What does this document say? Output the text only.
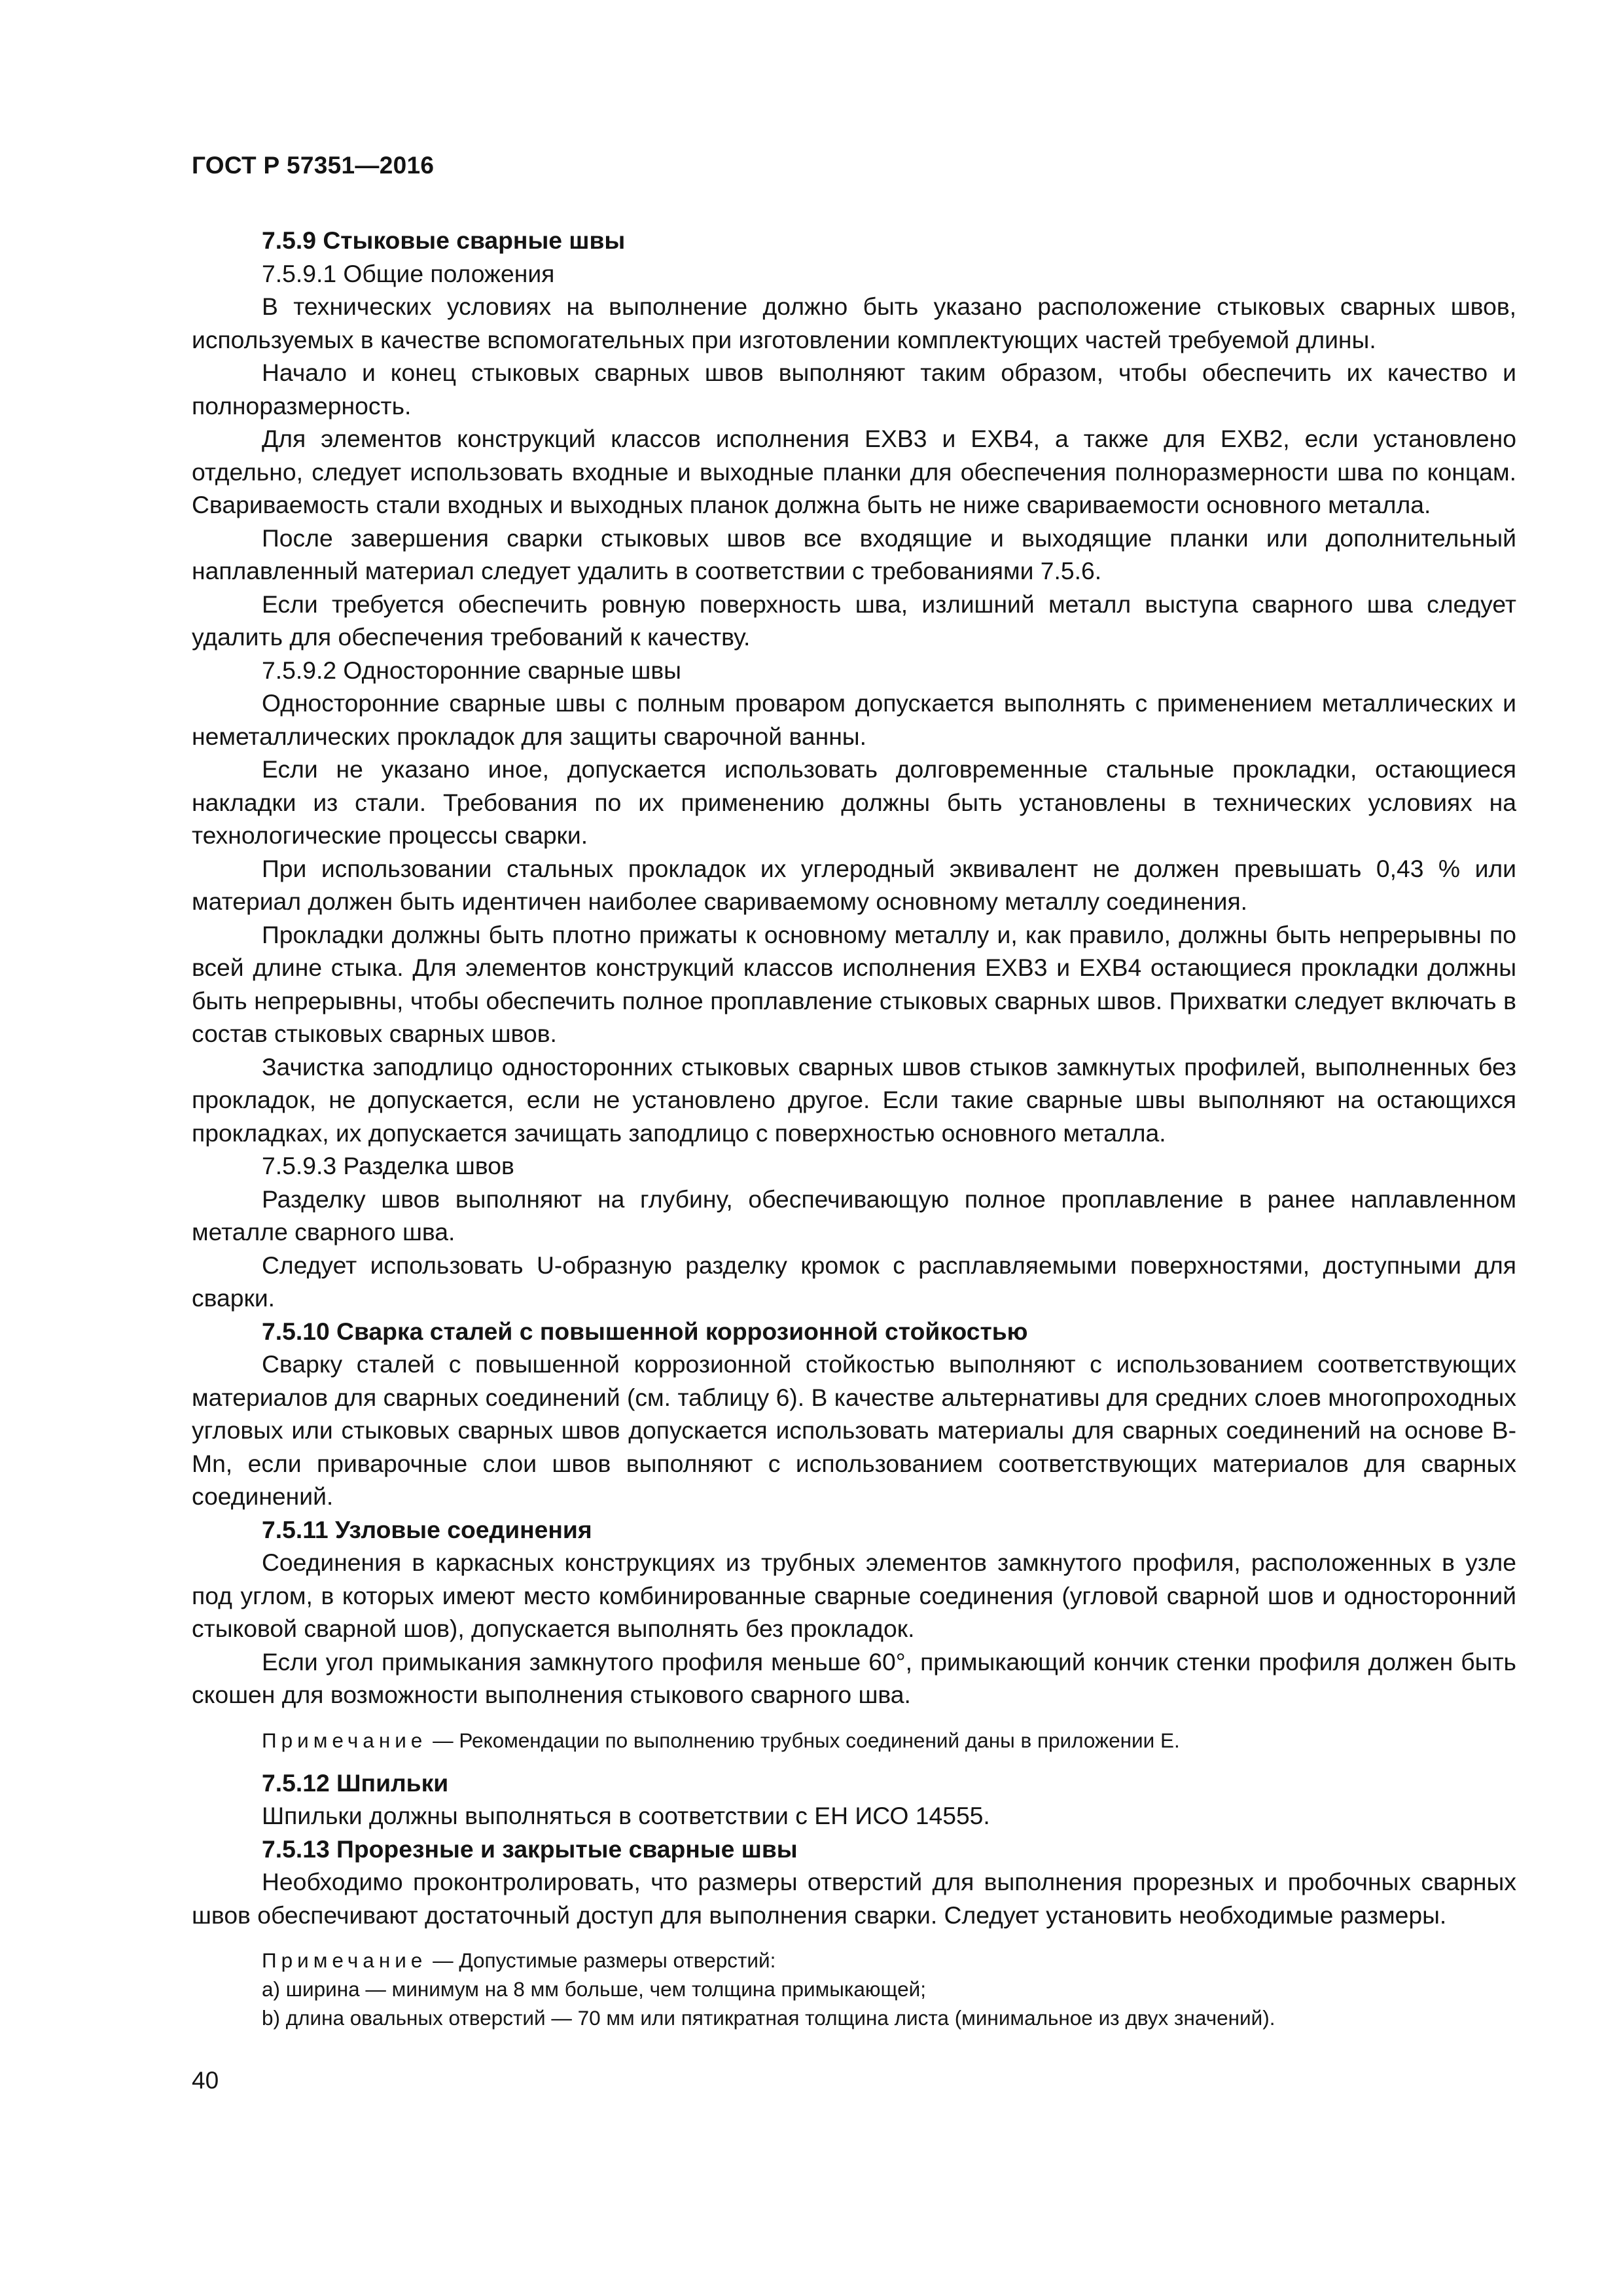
ГОСТ Р 57351—2016

7.5.9 Стыковые сварные швы

7.5.9.1 Общие положения

В технических условиях на выполнение должно быть указано расположение стыковых сварных швов, используемых в качестве вспомогательных при изготовлении комплектующих частей требуемой длины.

Начало и конец стыковых сварных швов выполняют таким образом, чтобы обеспечить их качество и полноразмерность.

Для элементов конструкций классов исполнения EXB3 и EXB4, а также для EXB2, если установлено отдельно, следует использовать входные и выходные планки для обеспечения полноразмерности шва по концам. Свариваемость стали входных и выходных планок должна быть не ниже свариваемости основного металла.

После завершения сварки стыковых швов все входящие и выходящие планки или дополнительный наплавленный материал следует удалить в соответствии с требованиями 7.5.6.

Если требуется обеспечить ровную поверхность шва, излишний металл выступа сварного шва следует удалить для обеспечения требований к качеству.

7.5.9.2 Односторонние сварные швы

Односторонние сварные швы с полным проваром допускается выполнять с применением металлических и неметаллических прокладок для защиты сварочной ванны.

Если не указано иное, допускается использовать долговременные стальные прокладки, остающиеся накладки из стали. Требования по их применению должны быть установлены в технических условиях на технологические процессы сварки.

При использовании стальных прокладок их углеродный эквивалент не должен превышать 0,43 % или материал должен быть идентичен наиболее свариваемому основному металлу соединения.

Прокладки должны быть плотно прижаты к основному металлу и, как правило, должны быть непрерывны по всей длине стыка. Для элементов конструкций классов исполнения EXB3 и EXB4 остающиеся прокладки должны быть непрерывны, чтобы обеспечить полное проплавление стыковых сварных швов. Прихватки следует включать в состав стыковых сварных швов.

Зачистка заподлицо односторонних стыковых сварных швов стыков замкнутых профилей, выполненных без прокладок, не допускается, если не установлено другое. Если такие сварные швы выполняют на остающихся прокладках, их допускается зачищать заподлицо с поверхностью основного металла.

7.5.9.3 Разделка швов

Разделку швов выполняют на глубину, обеспечивающую полное проплавление в ранее наплавленном металле сварного шва.

Следует использовать U-образную разделку кромок с расплавляемыми поверхностями, доступными для сварки.

7.5.10 Сварка сталей с повышенной коррозионной стойкостью

Сварку сталей с повышенной коррозионной стойкостью выполняют с использованием соответствующих материалов для сварных соединений (см. таблицу 6). В качестве альтернативы для средних слоев многопроходных угловых или стыковых сварных швов допускается использовать материалы для сварных соединений на основе B-Mn, если приварочные слои швов выполняют с использованием соответствующих материалов для сварных соединений.

7.5.11 Узловые соединения

Соединения в каркасных конструкциях из трубных элементов замкнутого профиля, расположенных в узле под углом, в которых имеют место комбинированные сварные соединения (угловой сварной шов и односторонний стыковой сварной шов), допускается выполнять без прокладок.

Если угол примыкания замкнутого профиля меньше 60°, примыкающий кончик стенки профиля должен быть скошен для возможности выполнения стыкового сварного шва.

Примечание — Рекомендации по выполнению трубных соединений даны в приложении Е.

7.5.12 Шпильки

Шпильки должны выполняться в соответствии с ЕН ИСО 14555.

7.5.13 Прорезные и закрытые сварные швы

Необходимо проконтролировать, что размеры отверстий для выполнения прорезных и пробочных сварных швов обеспечивают достаточный доступ для выполнения сварки. Следует установить необходимые размеры.

Примечание — Допустимые размеры отверстий:

a) ширина — минимум на 8 мм больше, чем толщина примыкающей;

b) длина овальных отверстий — 70 мм или пятикратная толщина листа (минимальное из двух значений).

40
